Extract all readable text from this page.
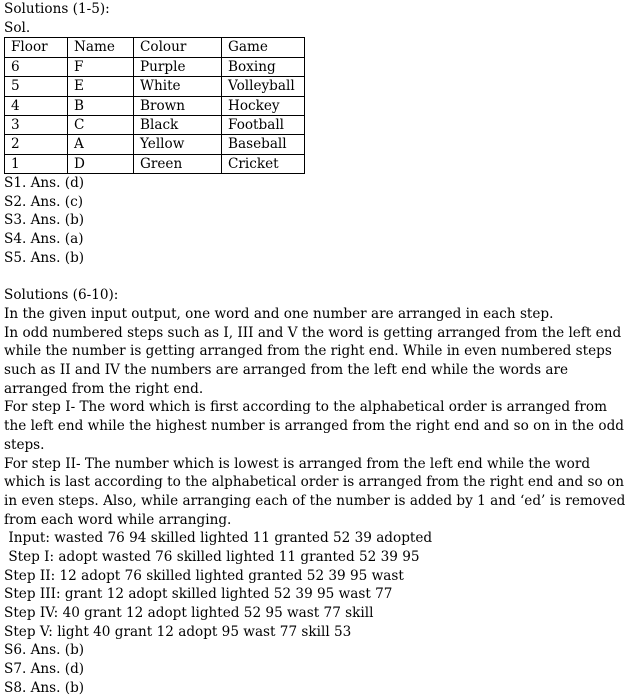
Solutions (1-5):
Sol.
Floor	Name	Colour	Game
6	F	Purple	Boxing
5	E	White	Volleyball
4	B	Brown	Hockey
3	C	Black	Football
2	A	Yellow	Baseball
1	D	Green	Cricket
S1. Ans. (d)
S2. Ans. (c)
S3. Ans. (b)
S4. Ans. (a)
S5. Ans. (b)
Solutions (6-10):
In the given input output, one word and one number are arranged in each step.
In odd numbered steps such as I, III and V the word is getting arranged from the left end while the number is getting arranged from the right end. While in even numbered steps such as II and IV the numbers are arranged from the left end while the words are arranged from the right end.
For step I- The word which is first according to the alphabetical order is arranged from the left end while the highest number is arranged from the right end and so on in the odd steps.
For step II- The number which is lowest is arranged from the left end while the word which is last according to the alphabetical order is arranged from the right end and so on in even steps. Also, while arranging each of the number is added by 1 and ‘ed’ is removed from each word while arranging.
Input: wasted 76 94 skilled lighted 11 granted 52 39 adopted
Step I: adopt wasted 76 skilled lighted 11 granted 52 39 95
Step II: 12 adopt 76 skilled lighted granted 52 39 95 wast
Step III: grant 12 adopt skilled lighted 52 39 95 wast 77
Step IV: 40 grant 12 adopt lighted 52 95 wast 77 skill
Step V: light 40 grant 12 adopt 95 wast 77 skill 53
S6. Ans. (b)
S7. Ans. (d)
S8. Ans. (b)
